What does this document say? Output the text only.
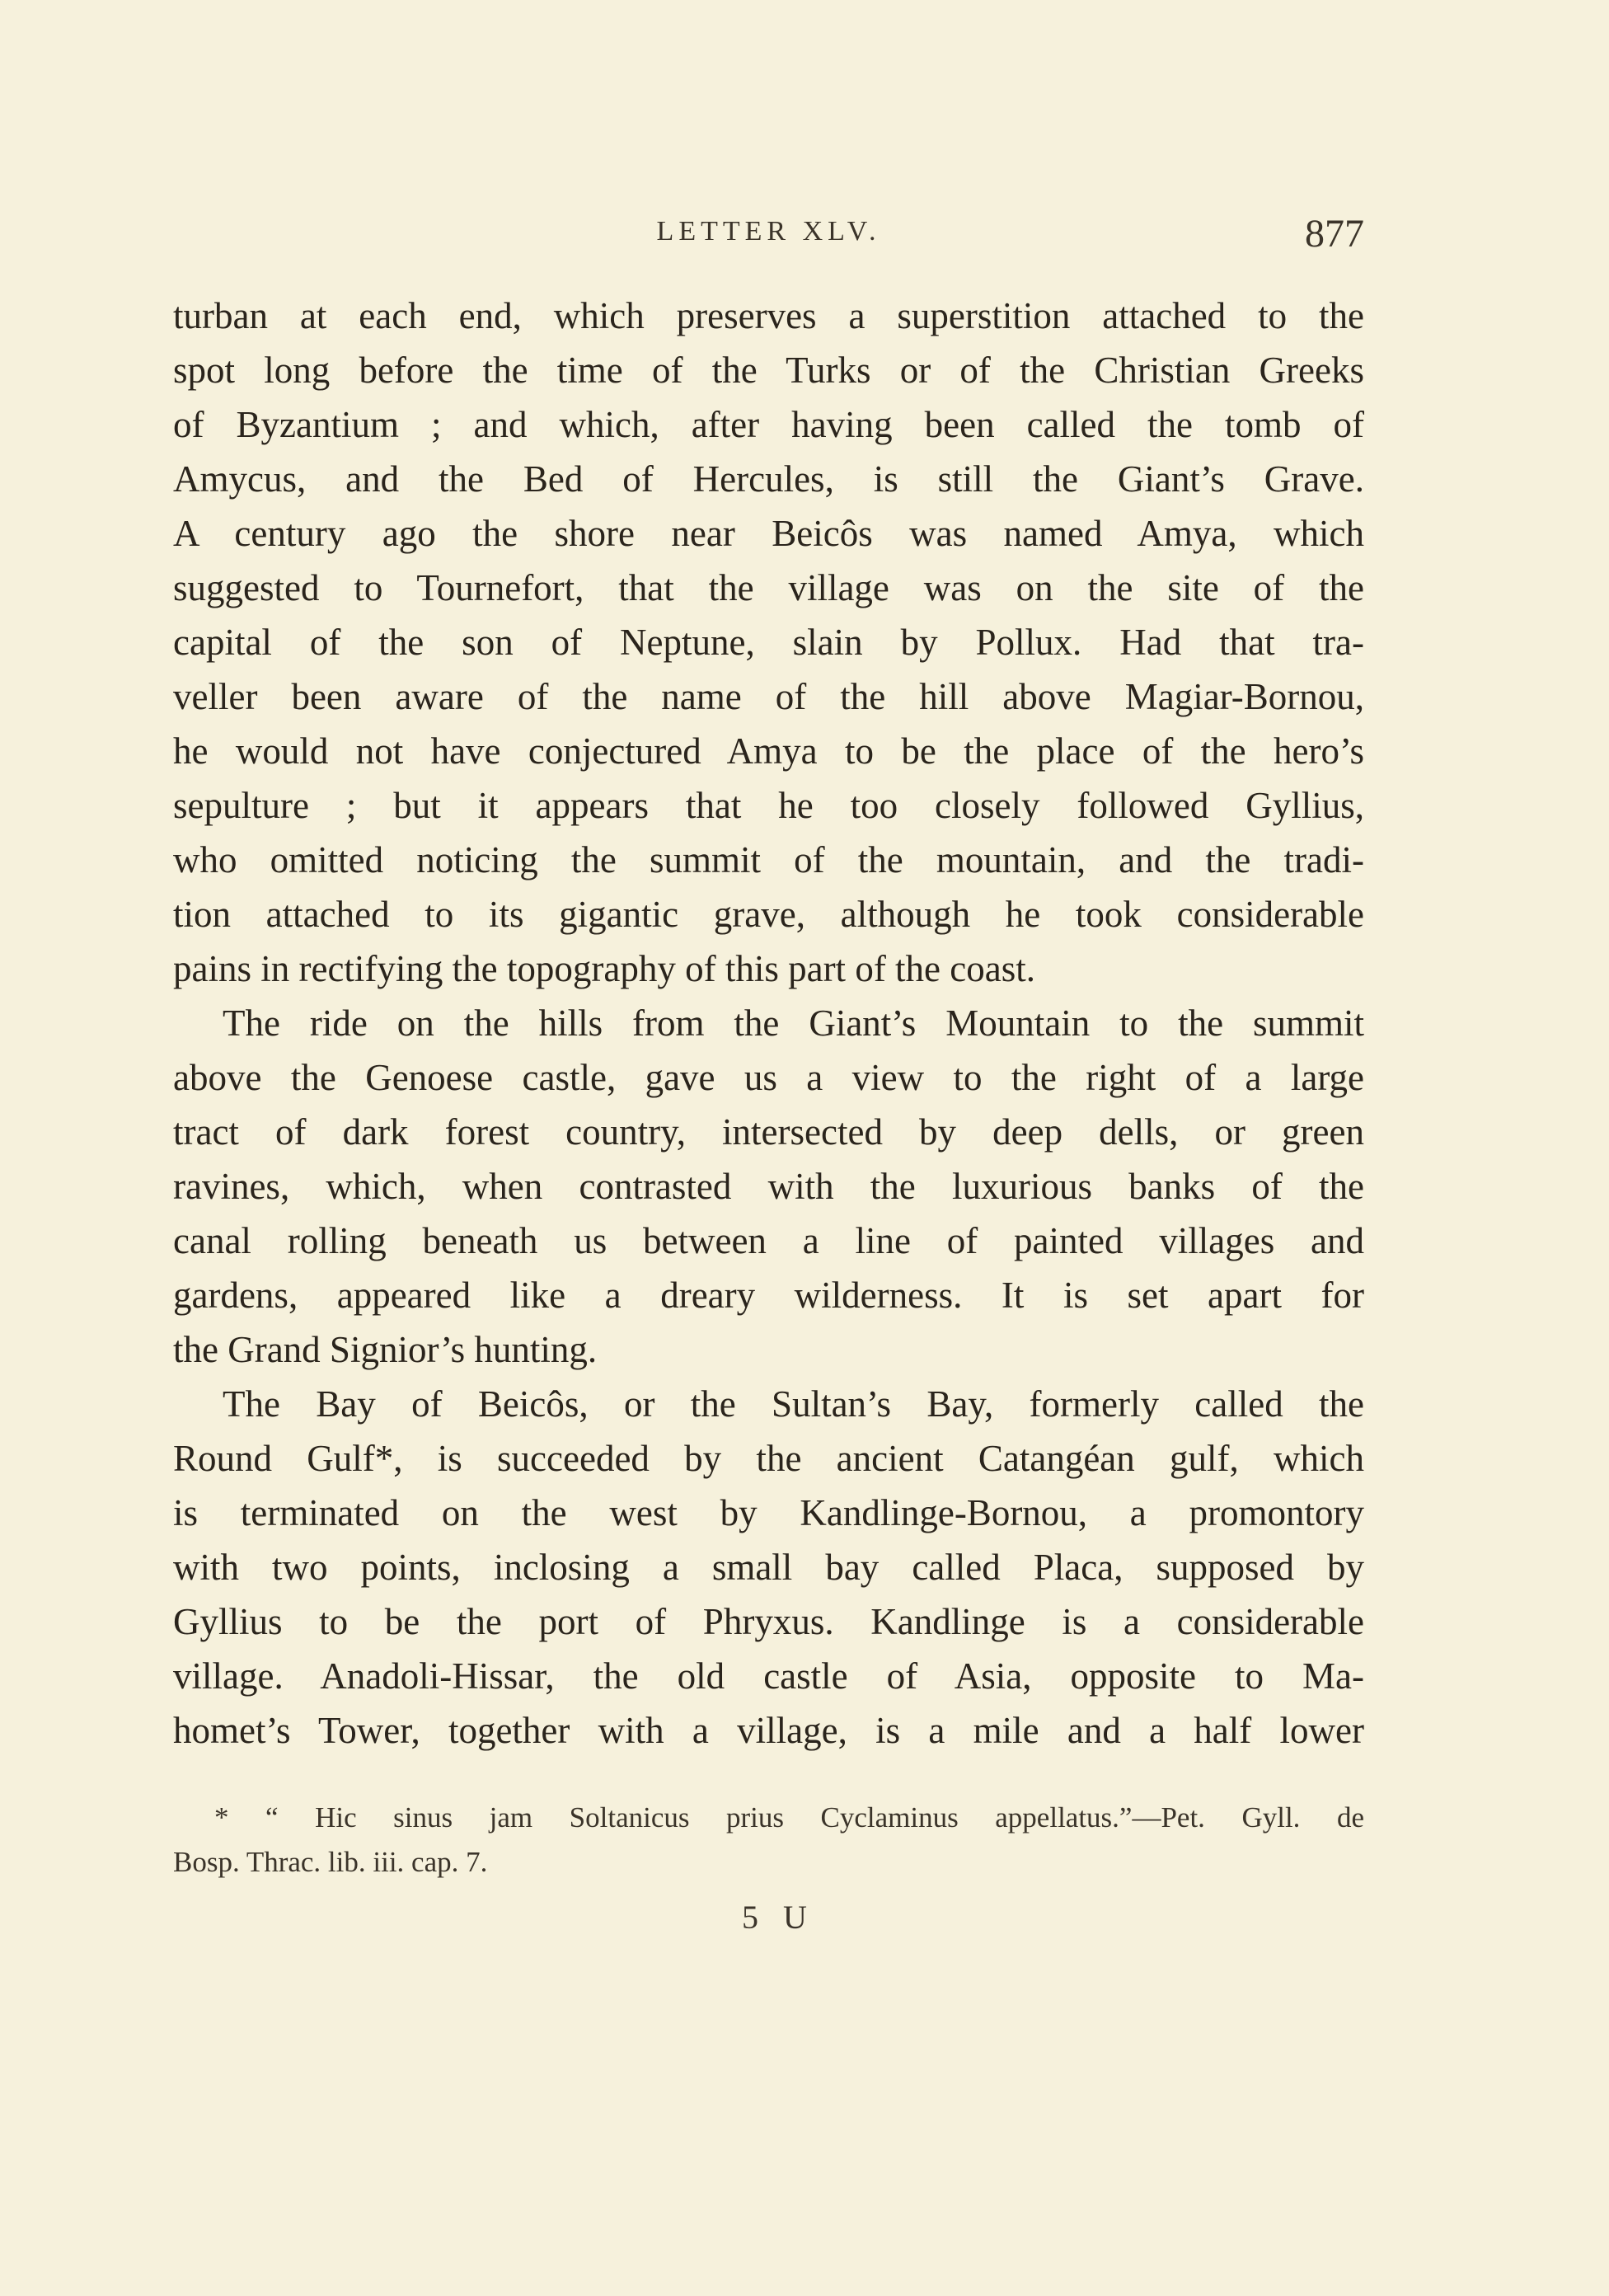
LETTER XLV.	877
turban at each end, which preserves a superstition attached to the
spot long before the time of the Turks or of the Christian Greeks
of Byzantium ; and which, after having been called the tomb of
Amycus, and the Bed of Hercules, is still the Giant’s Grave.
A century ago the shore near Beicôs was named Amya, which
suggested to Tournefort, that the village was on the site of the
capital of the son of Neptune, slain by Pollux. Had that tra-
veller been aware of the name of the hill above Magiar-Bornou,
he would not have conjectured Amya to be the place of the hero’s
sepulture ; but it appears that he too closely followed Gyllius,
who omitted noticing the summit of the mountain, and the tradi-
tion attached to its gigantic grave, although he took considerable
pains in rectifying the topography of this part of the coast.
The ride on the hills from the Giant’s Mountain to the summit
above the Genoese castle, gave us a view to the right of a large
tract of dark forest country, intersected by deep dells, or green
ravines, which, when contrasted with the luxurious banks of the
canal rolling beneath us between a line of painted villages and
gardens, appeared like a dreary wilderness. It is set apart for
the Grand Signior’s hunting.
The Bay of Beicôs, or the Sultan’s Bay, formerly called the
Round Gulf*, is succeeded by the ancient Catangéan gulf, which
is terminated on the west by Kandlinge-Bornou, a promontory
with two points, inclosing a small bay called Placa, supposed by
Gyllius to be the port of Phryxus. Kandlinge is a considerable
village. Anadoli-Hissar, the old castle of Asia, opposite to Ma-
homet’s Tower, together with a village, is a mile and a half lower
* “ Hic sinus jam Soltanicus prius Cyclaminus appellatus.”—Pet. Gyll. de
Bosp. Thrac. lib. iii. cap. 7.
5 U
